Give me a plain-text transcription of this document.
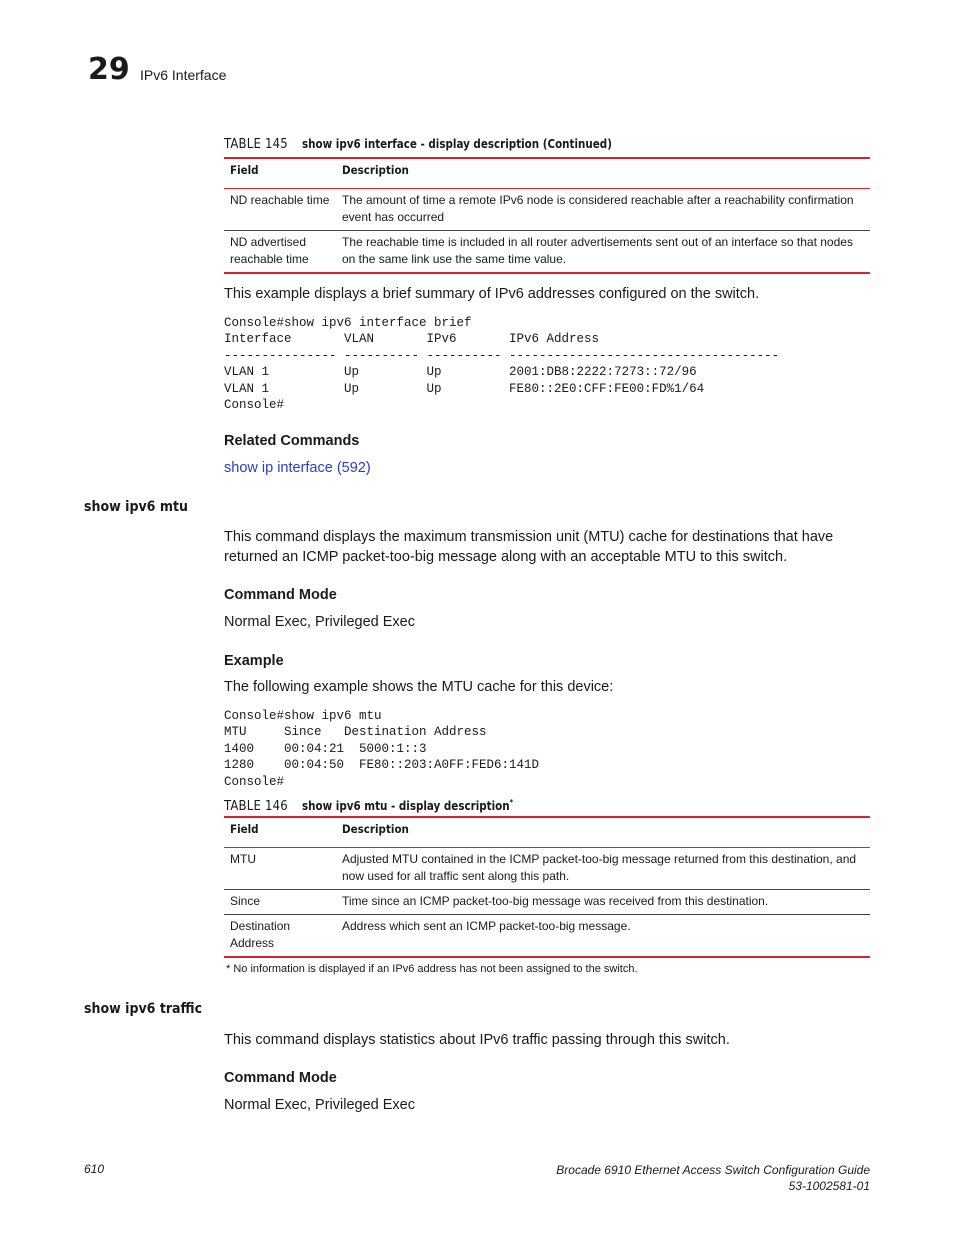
29 IPv6 Interface
TABLE 145 show ipv6 interface - display description (Continued)
Field	Description
ND reachable time	The amount of time a remote IPv6 node is considered reachable after a reachability confirmation event has occurred
ND advertised reachable time	The reachable time is included in all router advertisements sent out of an interface so that nodes on the same link use the same time value.
This example displays a brief summary of IPv6 addresses configured on the switch.
Console#show ipv6 interface brief
Interface       VLAN       IPv6       IPv6 Address
--------------- ---------- ---------- ------------------------------------
VLAN 1          Up         Up         2001:DB8:2222:7273::72/96
VLAN 1          Up         Up         FE80::2E0:CFF:FE00:FD%1/64
Console#
Related Commands
show ip interface (592)
show ipv6 mtu
This command displays the maximum transmission unit (MTU) cache for destinations that have returned an ICMP packet-too-big message along with an acceptable MTU to this switch.
Command Mode
Normal Exec, Privileged Exec
Example
The following example shows the MTU cache for this device:
Console#show ipv6 mtu
MTU     Since   Destination Address
1400    00:04:21  5000:1::3
1280    00:04:50  FE80::203:A0FF:FED6:141D
Console#
TABLE 146 show ipv6 mtu - display description*
Field	Description
MTU	Adjusted MTU contained in the ICMP packet-too-big message returned from this destination, and now used for all traffic sent along this path.
Since	Time since an ICMP packet-too-big message was received from this destination.
Destination Address	Address which sent an ICMP packet-too-big message.
* No information is displayed if an IPv6 address has not been assigned to the switch.
show ipv6 traffic
This command displays statistics about IPv6 traffic passing through this switch.
Command Mode
Normal Exec, Privileged Exec
610	Brocade 6910 Ethernet Access Switch Configuration Guide
53-1002581-01
